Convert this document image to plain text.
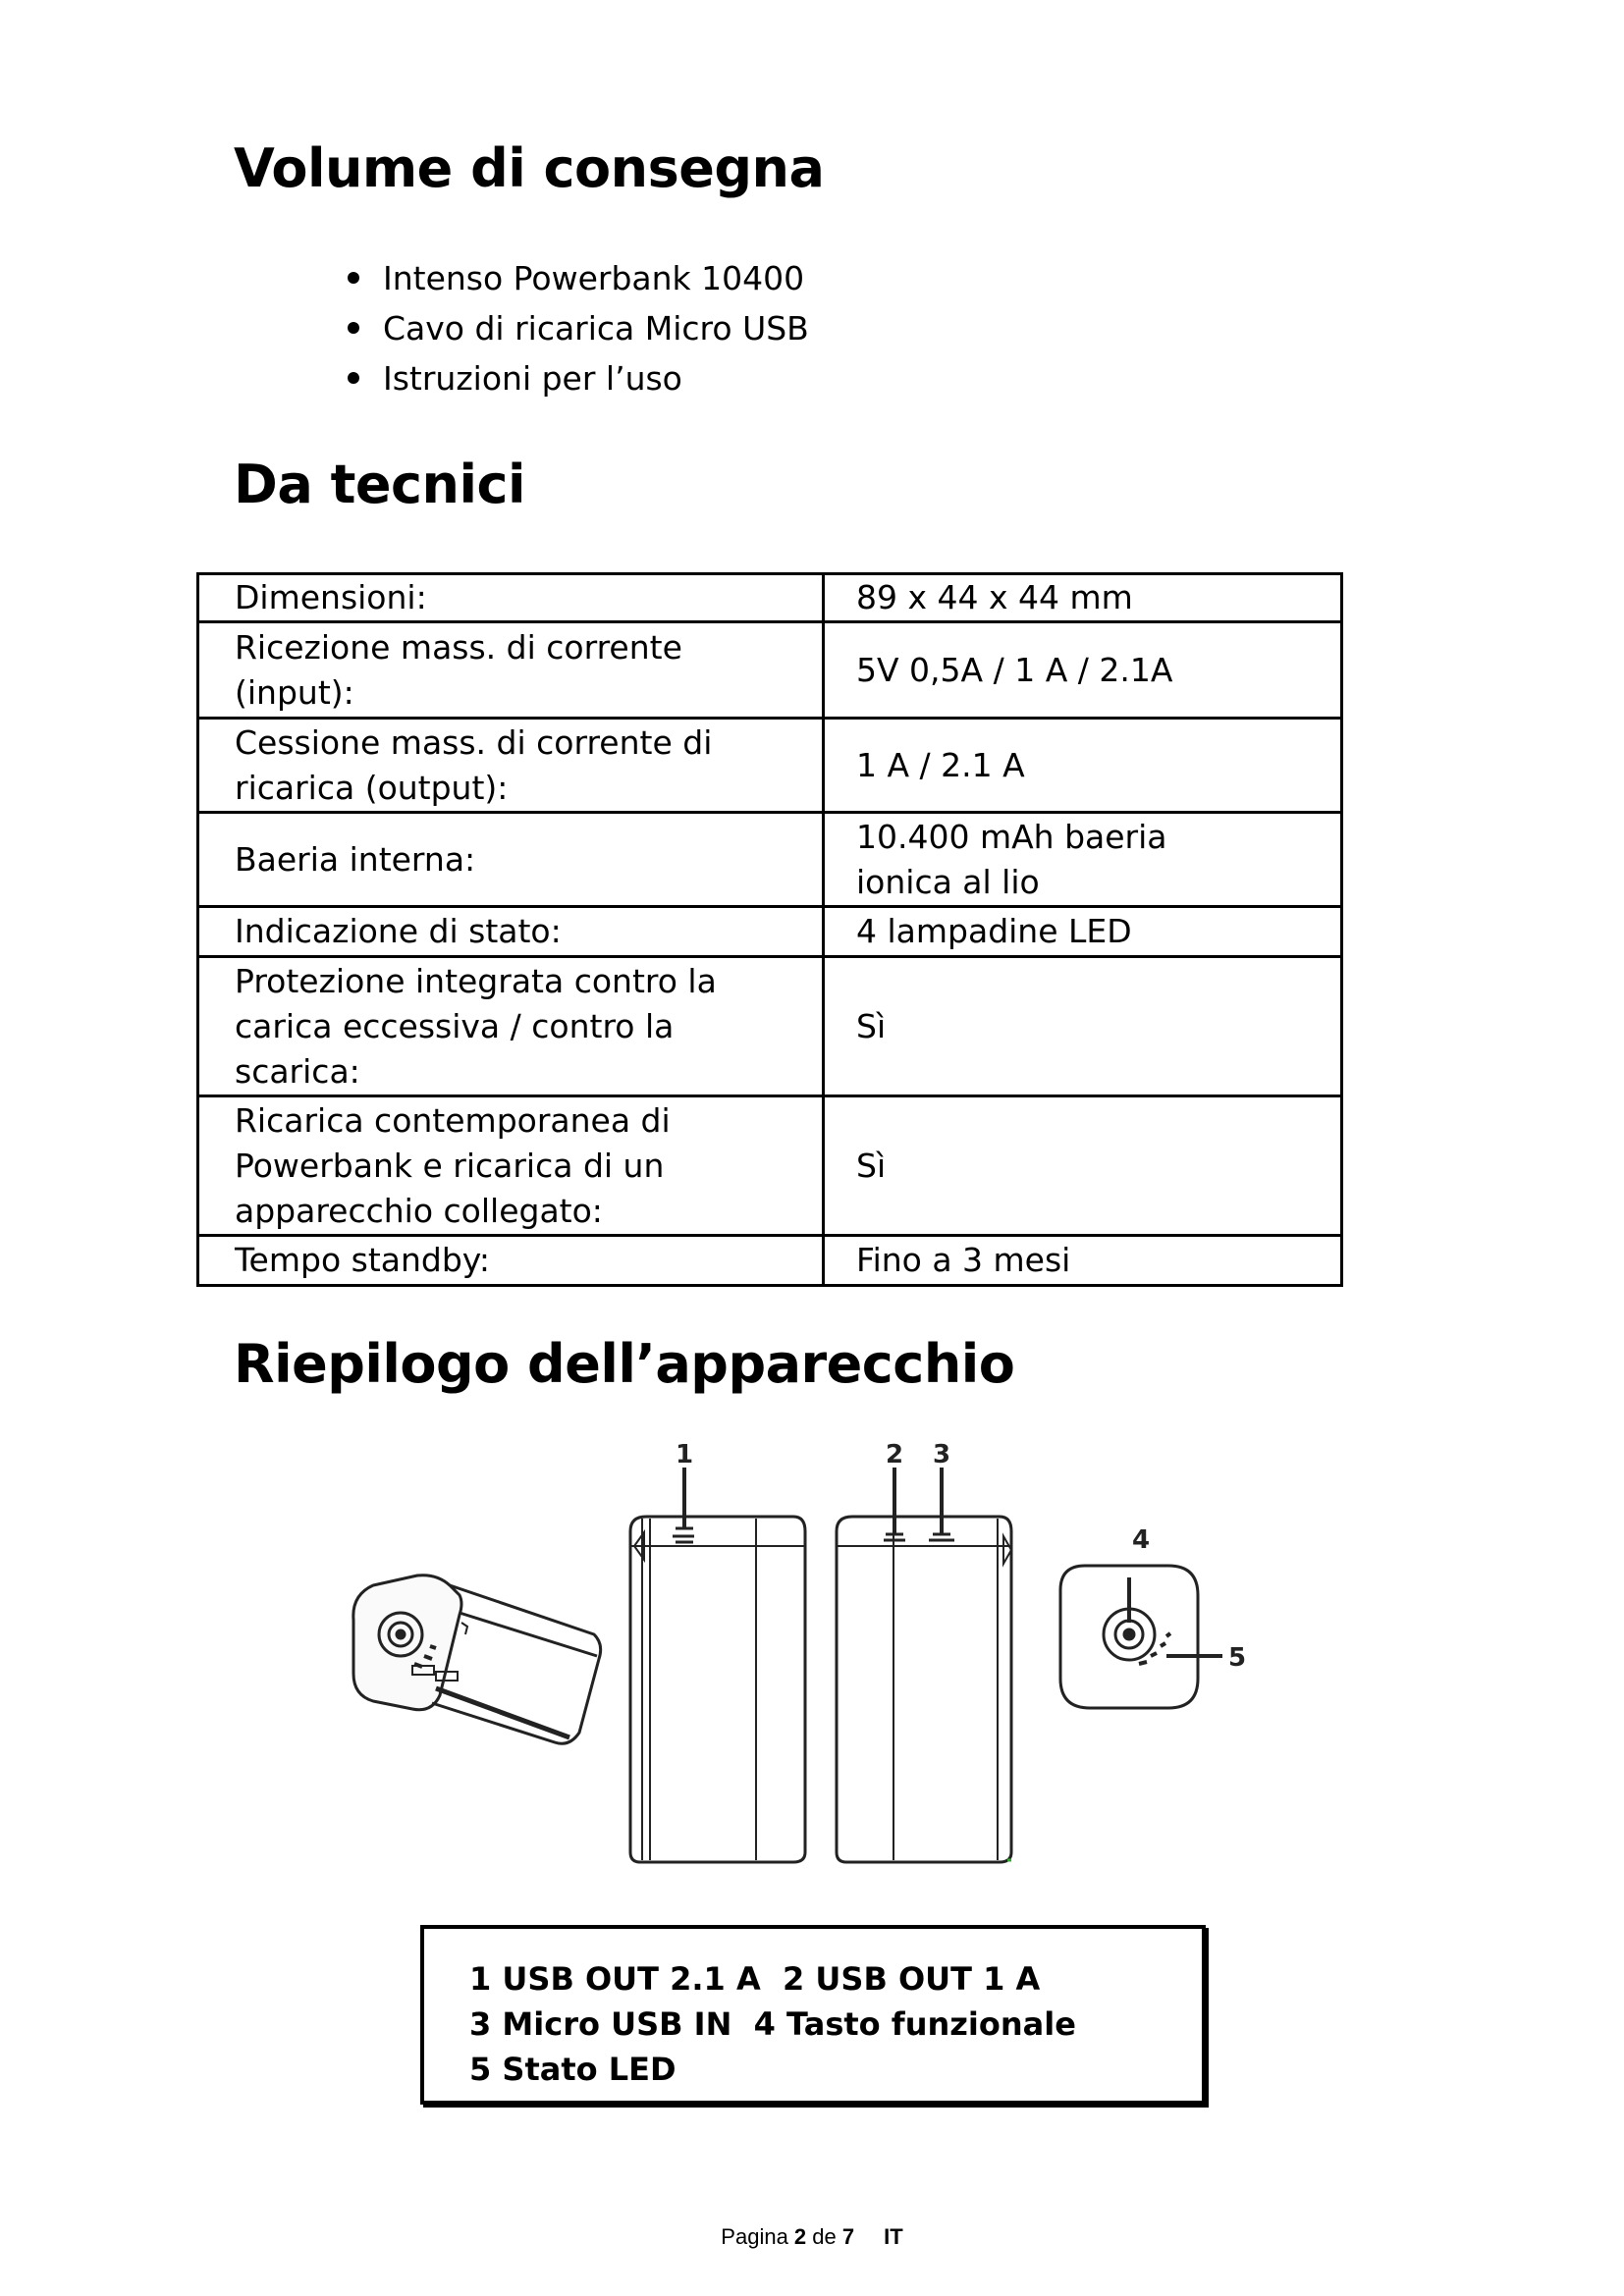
Volume di consegna
Intenso Powerbank 10400
Cavo di ricarica Micro USB
Istruzioni per l’uso
Da tecnici
Dimensioni:	89 x 44 x 44 mm
Ricezione mass. di corrente (input):	5V 0,5A / 1 A / 2.1A
Cessione mass. di corrente di ricarica (output):	1 A / 2.1 A
Baeria interna:	10.400 mAh baeria ionica al lio
Indicazione di stato:	4 lampadine LED
Protezione integrata contro la carica eccessiva / contro la scarica:	Sì
Ricarica contemporanea di Powerbank e ricarica di un apparecchio collegato:	Sì
Tempo standby:	Fino a 3 mesi
Riepilogo dell’apparecchio
1	2 3
4
5
1 USB OUT 2.1 A  2 USB OUT 1 A
3 Micro USB IN  4 Tasto funzionale
5 Stato LED
Pagina 2 de 7 IT
